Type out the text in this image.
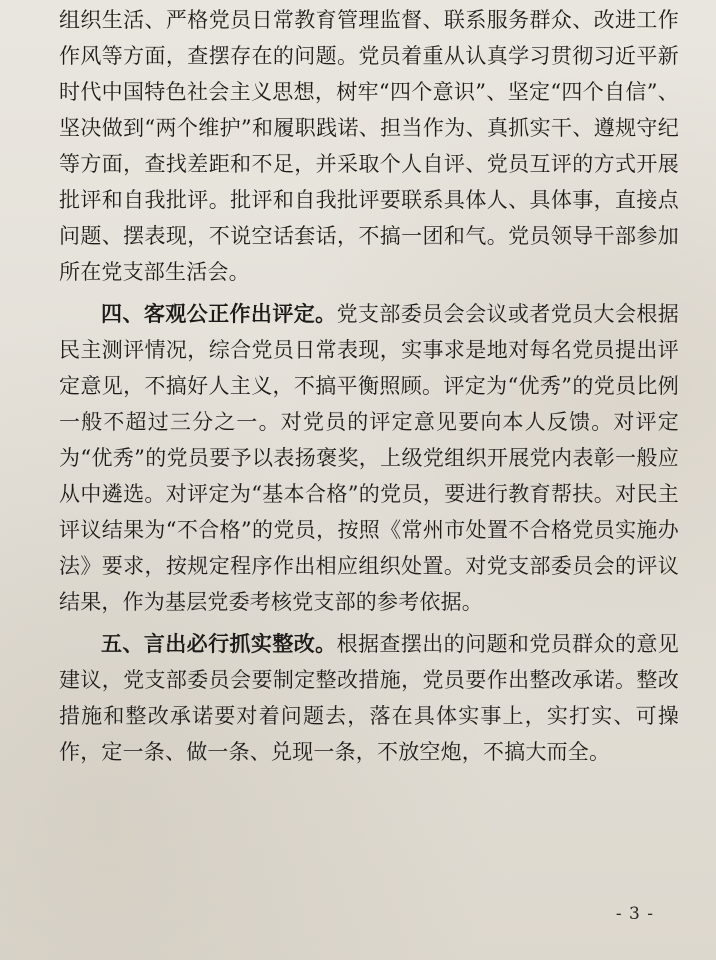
组织生活、严格党员日常教育管理监督、联系服务群众、改进工作作风等方面，查摆存在的问题。党员着重从认真学习贯彻习近平新时代中国特色社会主义思想，树牢“四个意识”、坚定“四个自信”、坚决做到“两个维护”和履职践诺、担当作为、真抓实干、遵规守纪等方面，查找差距和不足，并采取个人自评、党员互评的方式开展批评和自我批评。批评和自我批评要联系具体人、具体事，直接点问题、摆表现，不说空话套话，不搞一团和气。党员领导干部参加所在党支部生活会。

四、客观公正作出评定。党支部委员会会议或者党员大会根据民主测评情况，综合党员日常表现，实事求是地对每名党员提出评定意见，不搞好人主义，不搞平衡照顾。评定为“优秀”的党员比例一般不超过三分之一。对党员的评定意见要向本人反馈。对评定为“优秀”的党员要予以表扬褒奖，上级党组织开展党内表彰一般应从中遴选。对评定为“基本合格”的党员，要进行教育帮扶。对民主评议结果为“不合格”的党员，按照《常州市处置不合格党员实施办法》要求，按规定程序作出相应组织处置。对党支部委员会的评议结果，作为基层党委考核党支部的参考依据。

五、言出必行抓实整改。根据查摆出的问题和党员群众的意见建议，党支部委员会要制定整改措施，党员要作出整改承诺。整改措施和整改承诺要对着问题去，落在具体实事上，实打实、可操作，定一条、做一条、兑现一条，不放空炮，不搞大而全。

- 3 -
